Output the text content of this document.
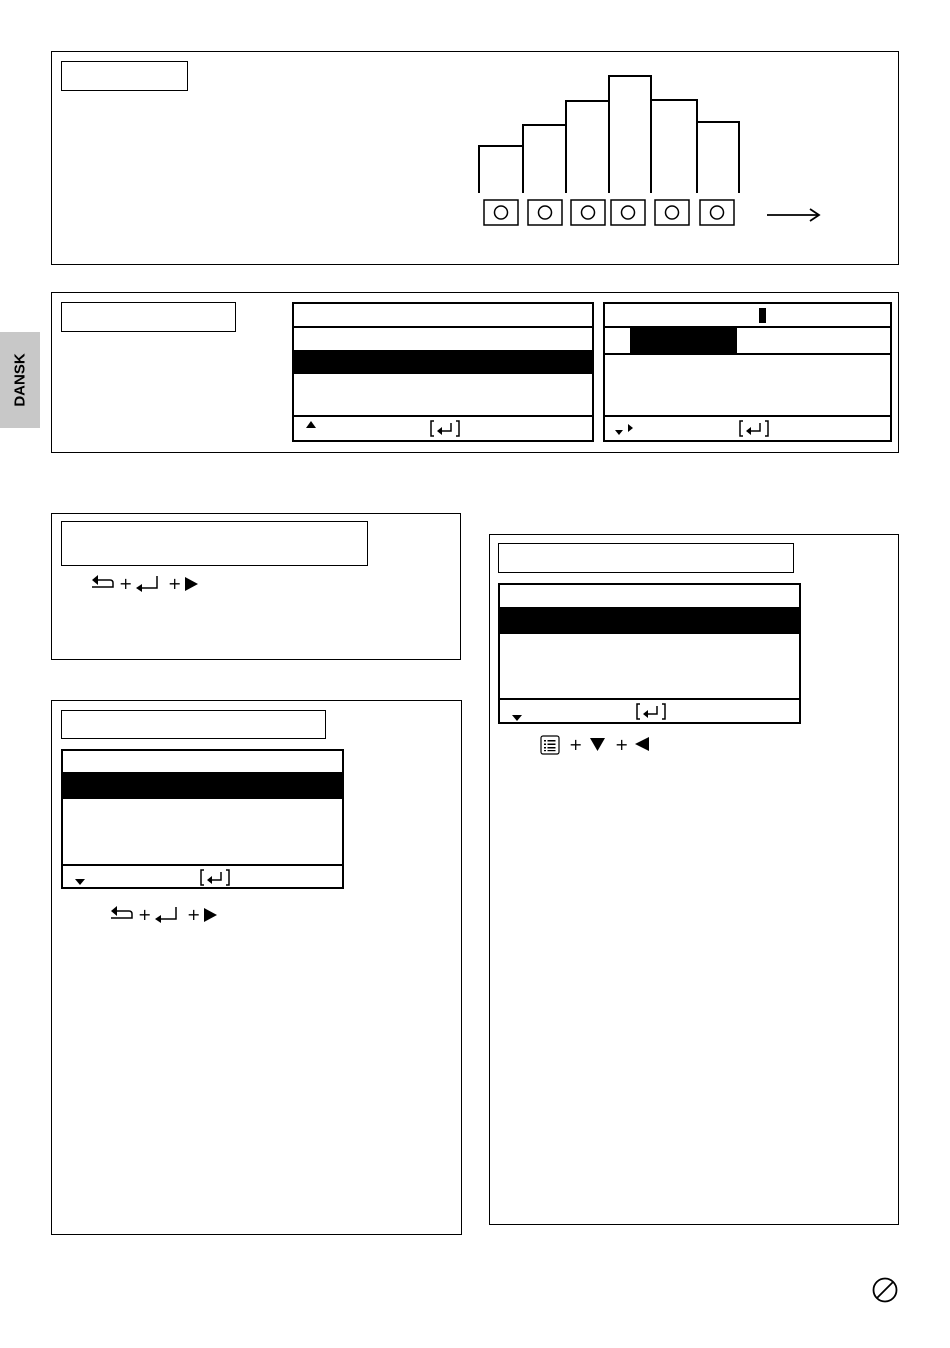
DANSK
+ +
+ +
+ +
